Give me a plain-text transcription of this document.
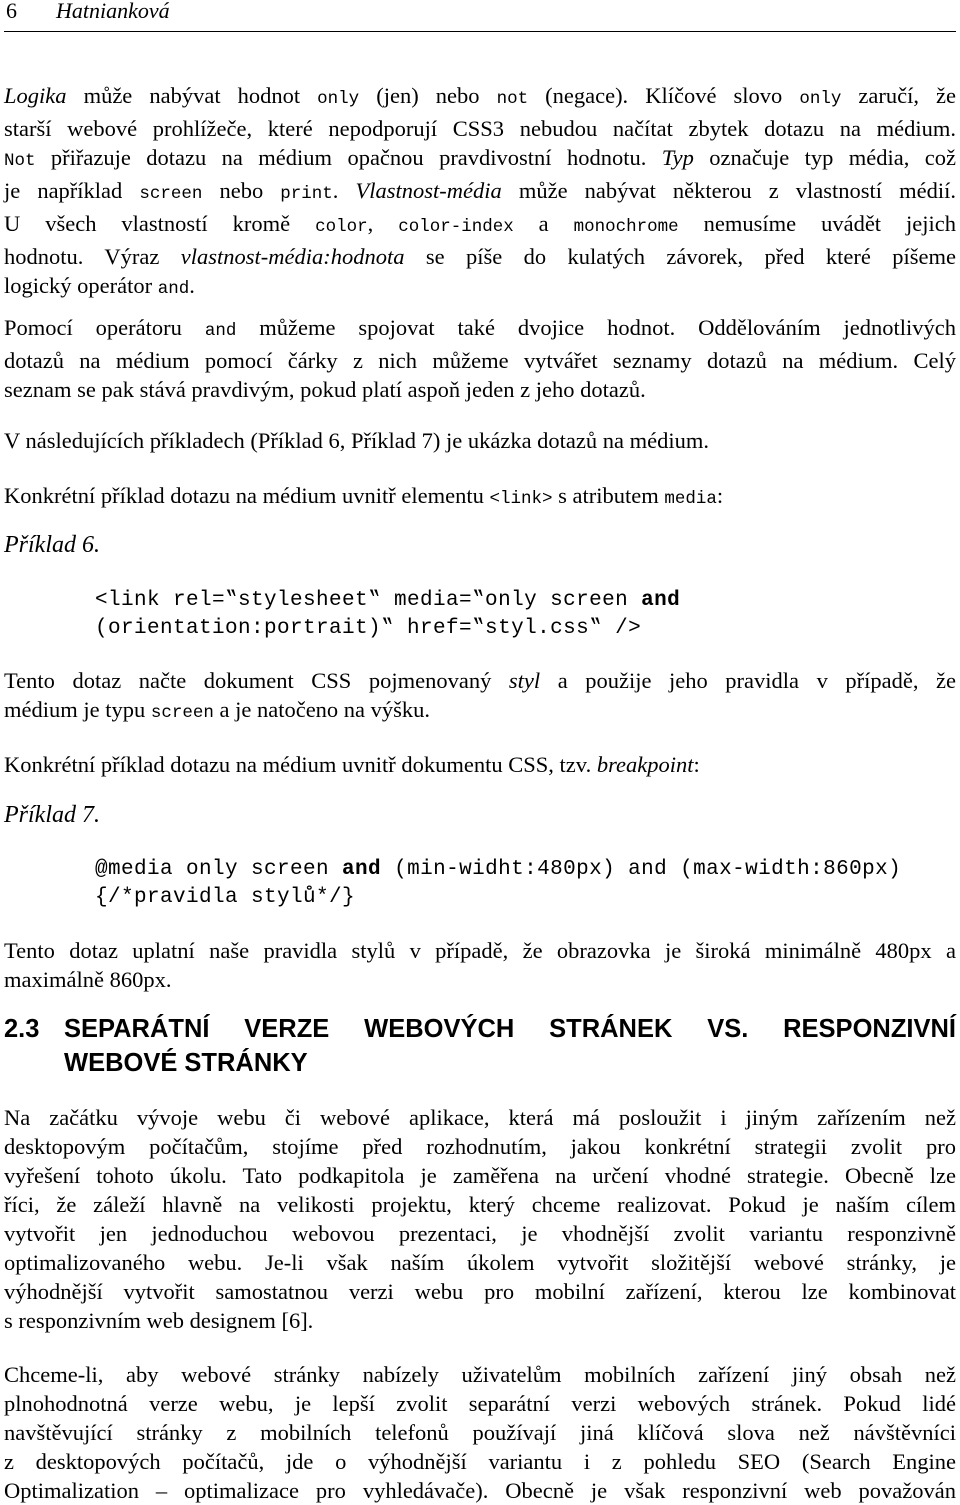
6 Hatnianková
Logika může nabývat hodnot only (jen) nebo not (negace). Klíčové slovo only zaručí, že
starší webové prohlížeče, které nepodporují CSS3 nebudou načítat zbytek dotazu na médium.
Not přiřazuje dotazu na médium opačnou pravdivostní hodnotu. Typ označuje typ média, což
je například screen nebo print. Vlastnost-média může nabývat některou z vlastností médií.
U všech vlastností kromě color, color-index a monochrome nemusíme uvádět jejich
hodnotu. Výraz vlastnost-média:hodnota se píše do kulatých závorek, před které píšeme
logický operátor and.
Pomocí operátoru and můžeme spojovat také dvojice hodnot. Oddělováním jednotlivých
dotazů na médium pomocí čárky z nich můžeme vytvářet seznamy dotazů na médium. Celý
seznam se pak stává pravdivým, pokud platí aspoň jeden z jeho dotazů.
V následujících příkladech (Příklad 6, Příklad 7) je ukázka dotazů na médium.
Konkrétní příklad dotazu na médium uvnitř elementu <link> s atributem media:
Příklad 6.
<link rel=‟stylesheet‟ media=‟only screen and
(orientation:portrait)‟ href=‟styl.css‟ />
Tento dotaz načte dokument CSS pojmenovaný styl a použije jeho pravidla v případě, že
médium je typu screen a je natočeno na výšku.
Konkrétní příklad dotazu na médium uvnitř dokumentu CSS, tzv. breakpoint:
Příklad 7.
@media only screen and (min-widht:480px) and (max-width:860px)
{/*pravidla stylů*/}
Tento dotaz uplatní naše pravidla stylů v případě, že obrazovka je široká minimálně 480px a
maximálně 860px.
2.3 SEPARÁTNÍ VERZE WEBOVÝCH STRÁNEK VS. RESPONZIVNÍ
WEBOVÉ STRÁNKY
Na začátku vývoje webu či webové aplikace, která má posloužit i jiným zařízením než
desktopovým počítačům, stojíme před rozhodnutím, jakou konkrétní strategii zvolit pro
vyřešení tohoto úkolu. Tato podkapitola je zaměřena na určení vhodné strategie. Obecně lze
říci, že záleží hlavně na velikosti projektu, který chceme realizovat. Pokud je naším cílem
vytvořit jen jednoduchou webovou prezentaci, je vhodnější zvolit variantu responzivně
optimalizovaného webu. Je-li však naším úkolem vytvořit složitější webové stránky, je
výhodnější vytvořit samostatnou verzi webu pro mobilní zařízení, kterou lze kombinovat
s responzivním web designem [6].
Chceme-li, aby webové stránky nabízely uživatelům mobilních zařízení jiný obsah než
plnohodnotná verze webu, je lepší zvolit separátní verzi webových stránek. Pokud lidé
navštěvující stránky z mobilních telefonů používají jiná klíčová slova než návštěvníci
z desktopových počítačů, jde o výhodnější variantu i z pohledu SEO (Search Engine
Optimalization – optimalizace pro vyhledávače). Obecně je však responzivní web považován
